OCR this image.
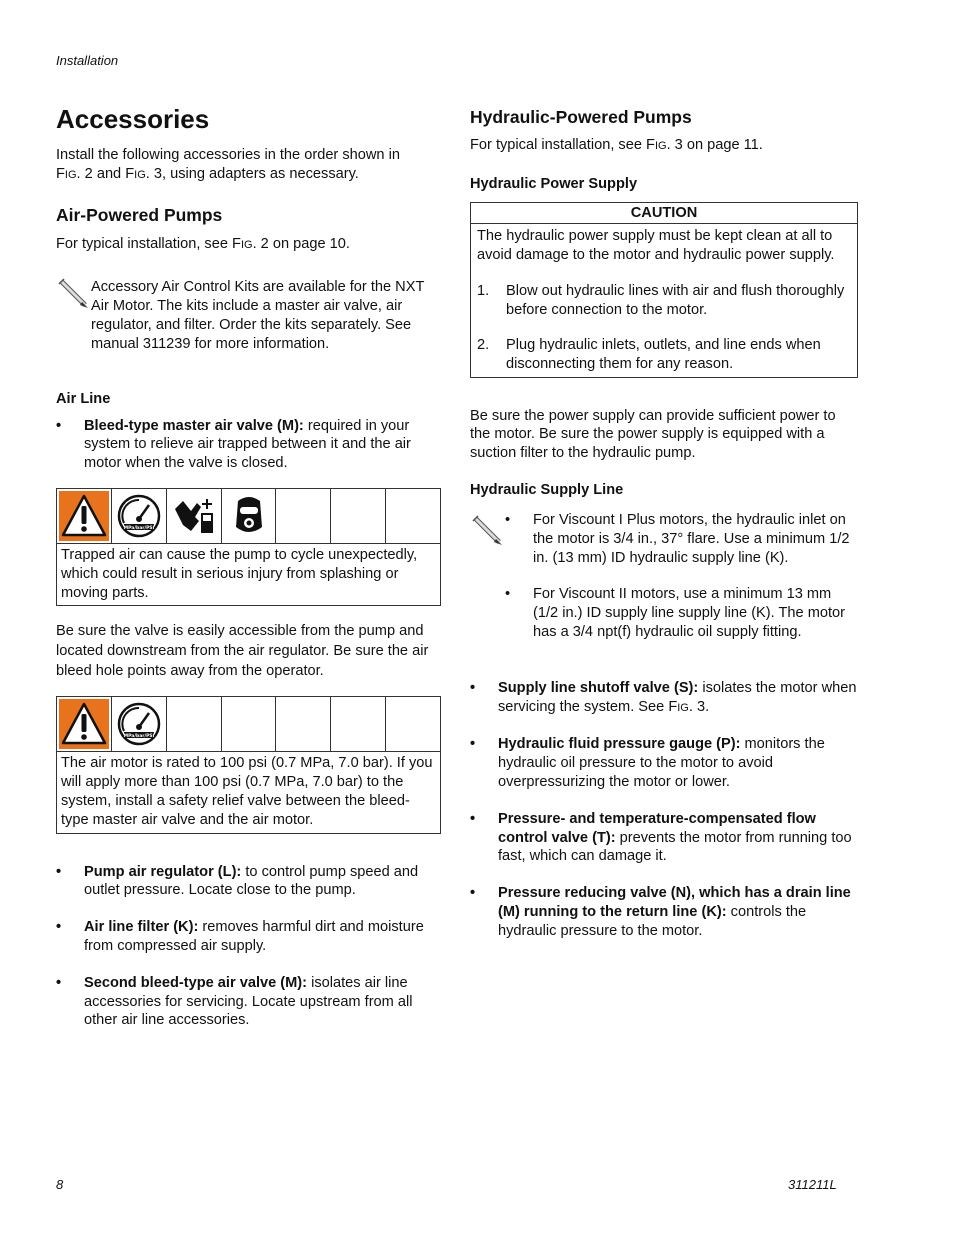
Installation
Accessories

Install the following accessories in the order shown in
FIG. 2 and FIG. 3, using adapters as necessary.

Air-Powered Pumps

For typical installation, see FIG. 2 on page 10.

Accessory Air Control Kits are available for the NXT Air Motor. The kits include a master air valve, air regulator, and filter. Order the kits separately. See manual 311239 for more information.

Air Line
• Bleed-type master air valve (M): required in your system to relieve air trapped between it and the air motor when the valve is closed.
MPa/bar/PSI
Trapped air can cause the pump to cycle unexpectedly, which could result in serious injury from splashing or moving parts.

Be sure the valve is easily accessible from the pump and located downstream from the air regulator. Be sure the air bleed hole points away from the operator.

MPa/bar/PSI
The air motor is rated to 100 psi (0.7 MPa, 7.0 bar). If you will apply more than 100 psi (0.7 MPa, 7.0 bar) to the system, install a safety relief valve between the bleed-type master air valve and the air motor.
• Pump air regulator (L): to control pump speed and outlet pressure. Locate close to the pump.
• Air line filter (K): removes harmful dirt and moisture from compressed air supply.
• Second bleed-type air valve (M): isolates air line accessories for servicing. Locate upstream from all other air line accessories.
Hydraulic-Powered Pumps

For typical installation, see FIG. 3 on page 11.

Hydraulic Power Supply
CAUTION

The hydraulic power supply must be kept clean at all to avoid damage to the motor and hydraulic power supply.

1. Blow out hydraulic lines with air and flush thoroughly before connection to the motor.
2. Plug hydraulic inlets, outlets, and line ends when disconnecting them for any reason.

Be sure the power supply can provide sufficient power to the motor. Be sure the power supply is equipped with a suction filter to the hydraulic pump.

Hydraulic Supply Line
• For Viscount I Plus motors, the hydraulic inlet on the motor is 3/4 in., 37° flare. Use a minimum 1/2 in. (13 mm) ID hydraulic supply line (K).
• For Viscount II motors, use a minimum 13 mm (1/2 in.) ID supply line supply line (K). The motor has a 3/4 npt(f) hydraulic oil supply fitting.
• Supply line shutoff valve (S): isolates the motor when servicing the system. See FIG. 3.
• Hydraulic fluid pressure gauge (P): monitors the hydraulic oil pressure to the motor to avoid overpressurizing the motor or lower.
• Pressure- and temperature-compensated flow control valve (T): prevents the motor from running too fast, which can damage it.
• Pressure reducing valve (N), which has a drain line (M) running to the return line (K): controls the hydraulic pressure to the motor.
8	311211L
